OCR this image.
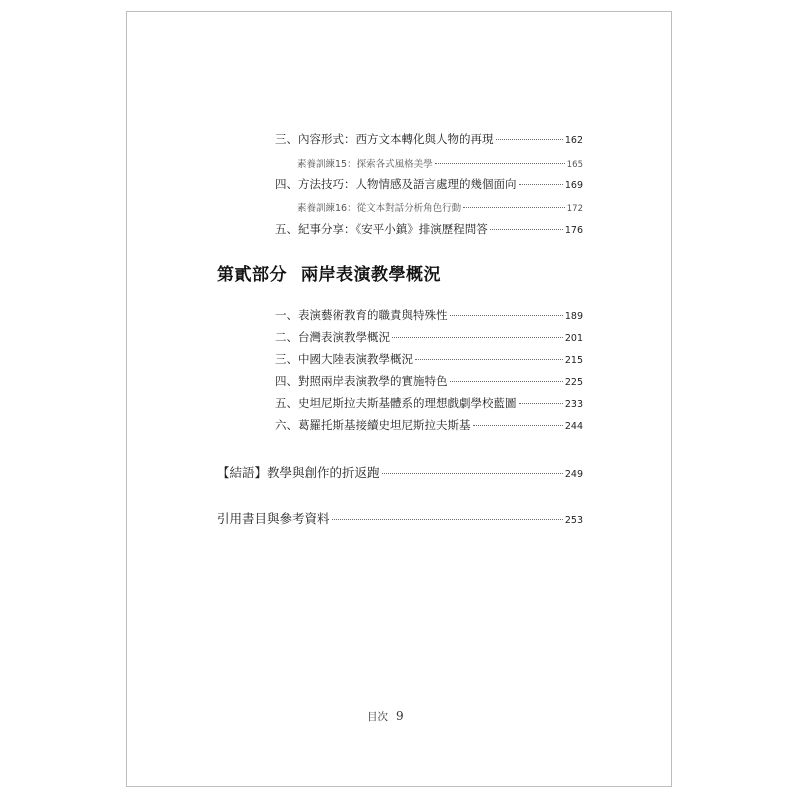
三、內容形式：西方文本轉化與人物的再現	162
素養訓練15：探索各式風格美學	165
四、方法技巧：人物情感及語言處理的幾個面向	169
素養訓練16：從文本對話分析角色行動	172
五、紀事分享：《安平小鎮》排演歷程問答	176
第貳部分 兩岸表演教學概況
一、表演藝術教育的職責與特殊性	189
二、台灣表演教學概況	201
三、中國大陸表演教學概況	215
四、對照兩岸表演教學的實施特色	225
五、史坦尼斯拉夫斯基體系的理想戲劇學校藍圖	233
六、葛羅托斯基接續史坦尼斯拉夫斯基	244
【結語】教學與創作的折返跑	249
引用書目與參考資料	253
目次 9
